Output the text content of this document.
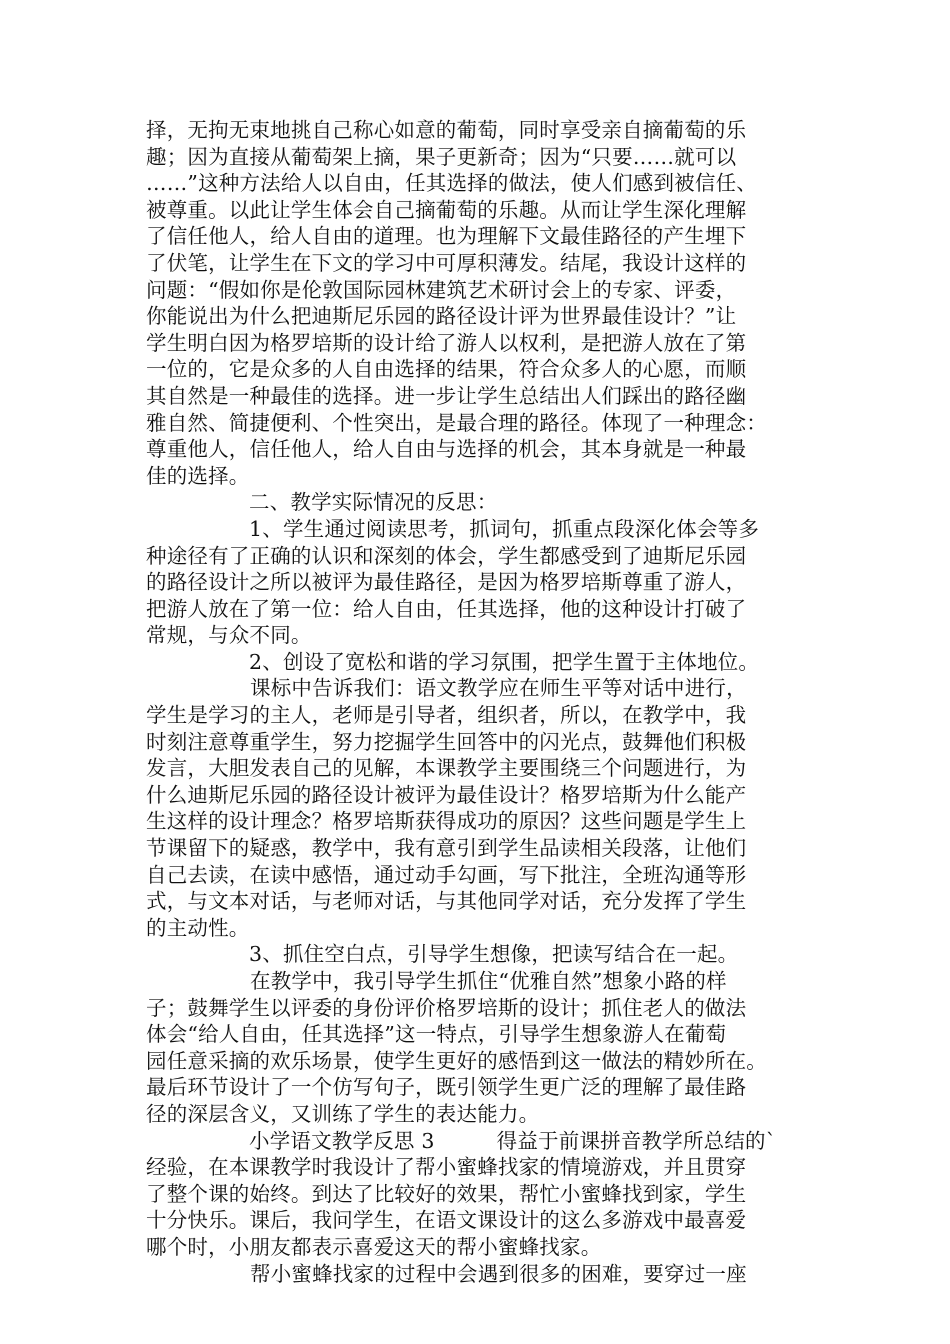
择，无拘无束地挑自己称心如意的葡萄，同时享受亲自摘葡萄的乐
趣；因为直接从葡萄架上摘，果子更新奇；因为“只要……就可以
……”这种方法给人以自由，任其选择的做法，使人们感到被信任、
被尊重。以此让学生体会自己摘葡萄的乐趣。从而让学生深化理解
了信任他人，给人自由的道理。也为理解下文最佳路径的产生埋下
了伏笔，让学生在下文的学习中可厚积薄发。结尾，我设计这样的
问题：“假如你是伦敦国际园林建筑艺术研讨会上的专家、评委，
你能说出为什么把迪斯尼乐园的路径设计评为世界最佳设计？”让
学生明白因为格罗培斯的设计给了游人以权利，是把游人放在了第
一位的，它是众多的人自由选择的结果，符合众多人的心愿，而顺
其自然是一种最佳的选择。进一步让学生总结出人们踩出的路径幽
雅自然、简捷便利、个性突出，是最合理的路径。体现了一种理念：
尊重他人，信任他人，给人自由与选择的机会，其本身就是一种最
佳的选择。
二、教学实际情况的反思：
1、学生通过阅读思考，抓词句，抓重点段深化体会等多
种途径有了正确的认识和深刻的体会，学生都感受到了迪斯尼乐园
的路径设计之所以被评为最佳路径，是因为格罗培斯尊重了游人，
把游人放在了第一位：给人自由，任其选择，他的这种设计打破了
常规，与众不同。
2、创设了宽松和谐的学习氛围，把学生置于主体地位。
课标中告诉我们：语文教学应在师生平等对话中进行，
学生是学习的主人，老师是引导者，组织者，所以，在教学中，我
时刻注意尊重学生，努力挖掘学生回答中的闪光点，鼓舞他们积极
发言，大胆发表自己的见解，本课教学主要围绕三个问题进行，为
什么迪斯尼乐园的路径设计被评为最佳设计？格罗培斯为什么能产
生这样的设计理念？格罗培斯获得成功的原因？这些问题是学生上
节课留下的疑惑，教学中，我有意引到学生品读相关段落，让他们
自己去读，在读中感悟，通过动手勾画，写下批注，全班沟通等形
式，与文本对话，与老师对话，与其他同学对话，充分发挥了学生
的主动性。
3、抓住空白点，引导学生想像，把读写结合在一起。
在教学中，我引导学生抓住“优雅自然”想象小路的样
子；鼓舞学生以评委的身份评价格罗培斯的设计；抓住老人的做法
体会“给人自由，任其选择”这一特点，引导学生想象游人在葡萄
园任意采摘的欢乐场景，使学生更好的感悟到这一做法的精妙所在。
最后环节设计了一个仿写句子，既引领学生更广泛的理解了最佳路
径的深层含义，又训练了学生的表达能力。
小学语文教学反思 3　　　得益于前课拼音教学所总结的`
经验，在本课教学时我设计了帮小蜜蜂找家的情境游戏，并且贯穿
了整个课的始终。到达了比较好的效果，帮忙小蜜蜂找到家，学生
十分快乐。课后，我问学生，在语文课设计的这么多游戏中最喜爱
哪个时，小朋友都表示喜爱这天的帮小蜜蜂找家。
帮小蜜蜂找家的过程中会遇到很多的困难，要穿过一座
